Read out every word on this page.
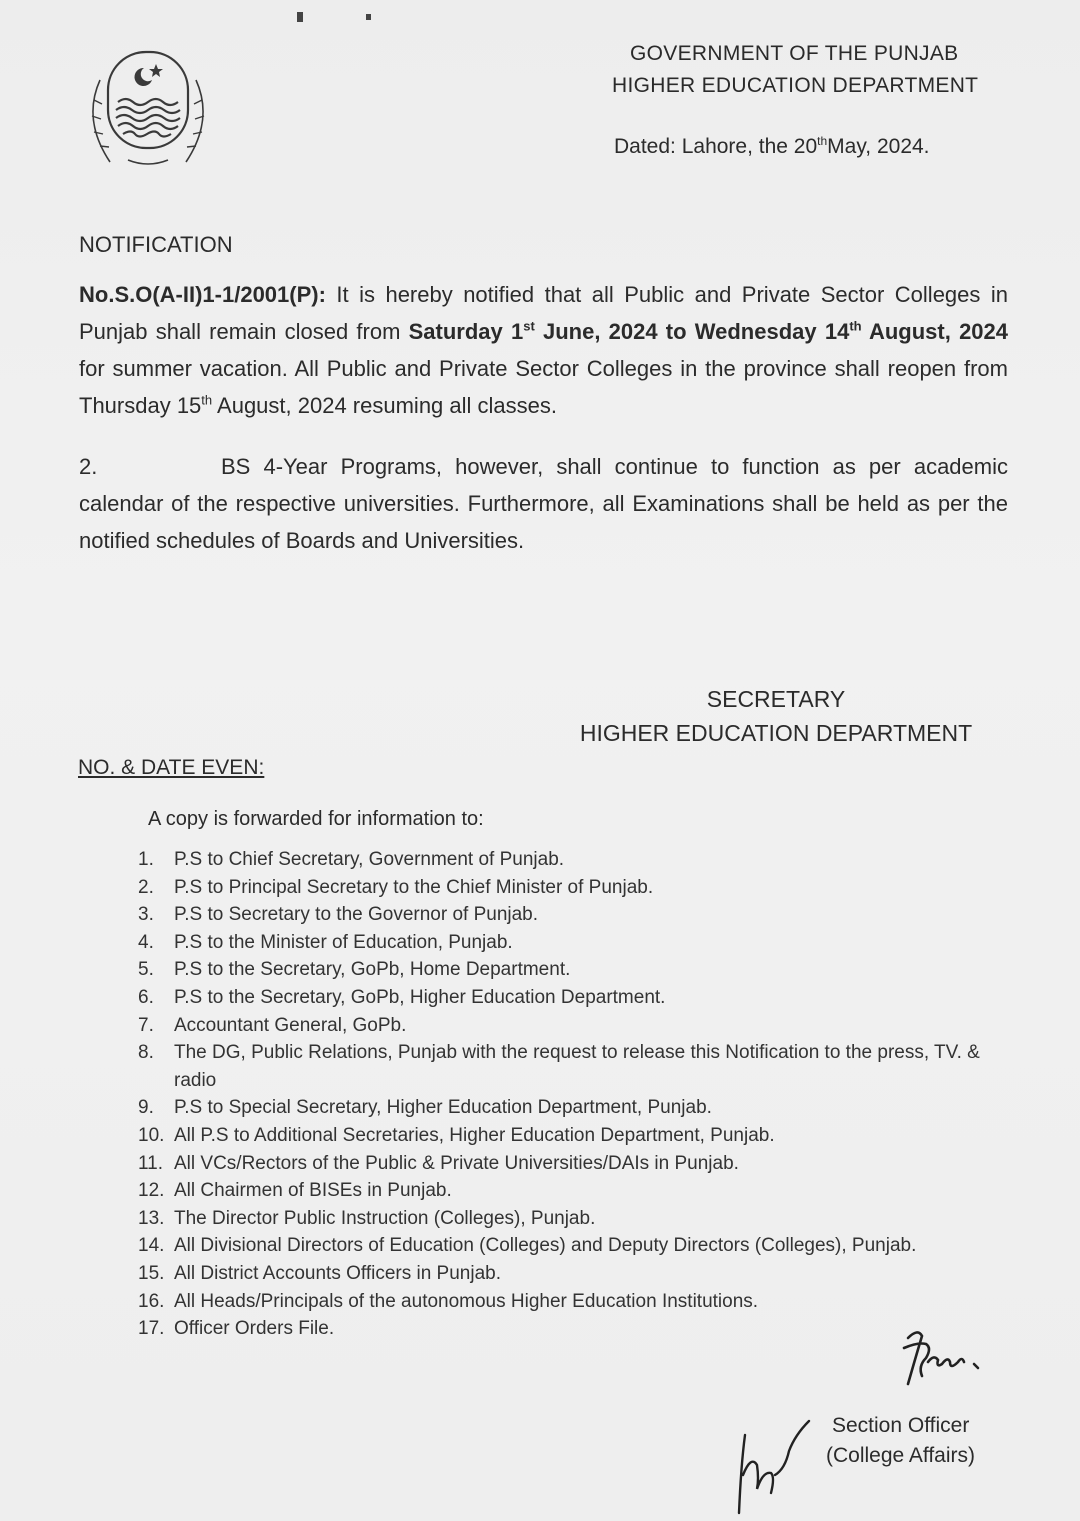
GOVERNMENT OF THE PUNJAB
HIGHER EDUCATION DEPARTMENT
Dated: Lahore, the 20thMay, 2024.
NOTIFICATION
No.S.O(A-II)1-1/2001(P): It is hereby notified that all Public and Private Sector Colleges in Punjab shall remain closed from Saturday 1st June, 2024 to Wednesday 14th August, 2024 for summer vacation. All Public and Private Sector Colleges in the province shall reopen from Thursday 15th August, 2024 resuming all classes.
2.	BS 4-Year Programs, however, shall continue to function as per academic calendar of the respective universities. Furthermore, all Examinations shall be held as per the notified schedules of Boards and Universities.
SECRETARY
HIGHER EDUCATION DEPARTMENT
NO. & DATE EVEN:
A copy is forwarded for information to:
1.	P.S to Chief Secretary, Government of Punjab.
2.	P.S to Principal Secretary to the Chief Minister of Punjab.
3.	P.S to Secretary to the Governor of Punjab.
4.	P.S to the Minister of Education, Punjab.
5.	P.S to the Secretary, GoPb, Home Department.
6.	P.S to the Secretary, GoPb, Higher Education Department.
7.	Accountant General, GoPb.
8.	The DG, Public Relations, Punjab with the request to release this Notification to the press, TV. & radio
9.	P.S to Special Secretary, Higher Education Department, Punjab.
10. All P.S to Additional Secretaries, Higher Education Department, Punjab.
11. All VCs/Rectors of the Public & Private Universities/DAIs in Punjab.
12. All Chairmen of BISEs in Punjab.
13. The Director Public Instruction (Colleges), Punjab.
14. All Divisional Directors of Education (Colleges) and Deputy Directors (Colleges), Punjab.
15. All District Accounts Officers in Punjab.
16. All Heads/Principals of the autonomous Higher Education Institutions.
17. Officer Orders File.
Section Officer
(College Affairs)
